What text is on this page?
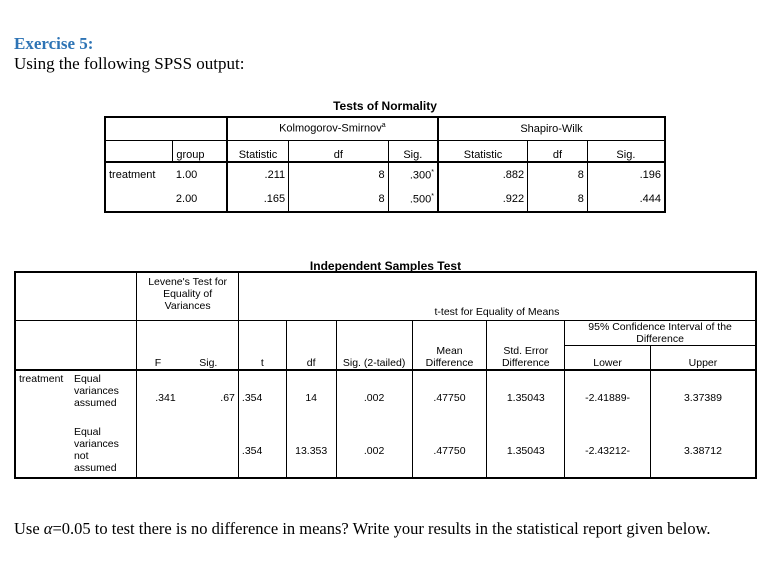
Exercise 5:
Using the following SPSS output:
Tests of Normality
		Kolmogorov-Smirnov$^a$			Shapiro-Wilk		
	group	Statistic	df	Sig.	Statistic	df	Sig.
treatment	1.00	.211	8	.300*	.882	8	.196
	2.00	.165	8	.500*	.922	8	.444
Independent Samples Test
		Levene's Test for Equality of Variances		t-test for Equality of Means						
									95% Confidence Interval of the Difference	
		F	Sig.	t	df	Sig. (2-tailed)	Mean Difference	Std. Error Difference	Lower	Upper
treatment	Equal variances assumed	.341	.67	.354	14	.002	.47750	1.35043	-2.41889-	3.37389
	Equal variances not assumed			.354	13.353	.002	.47750	1.35043	-2.43212-	3.38712
Use α=0.05 to test there is no difference in means? Write your results in the statistical report given below.
